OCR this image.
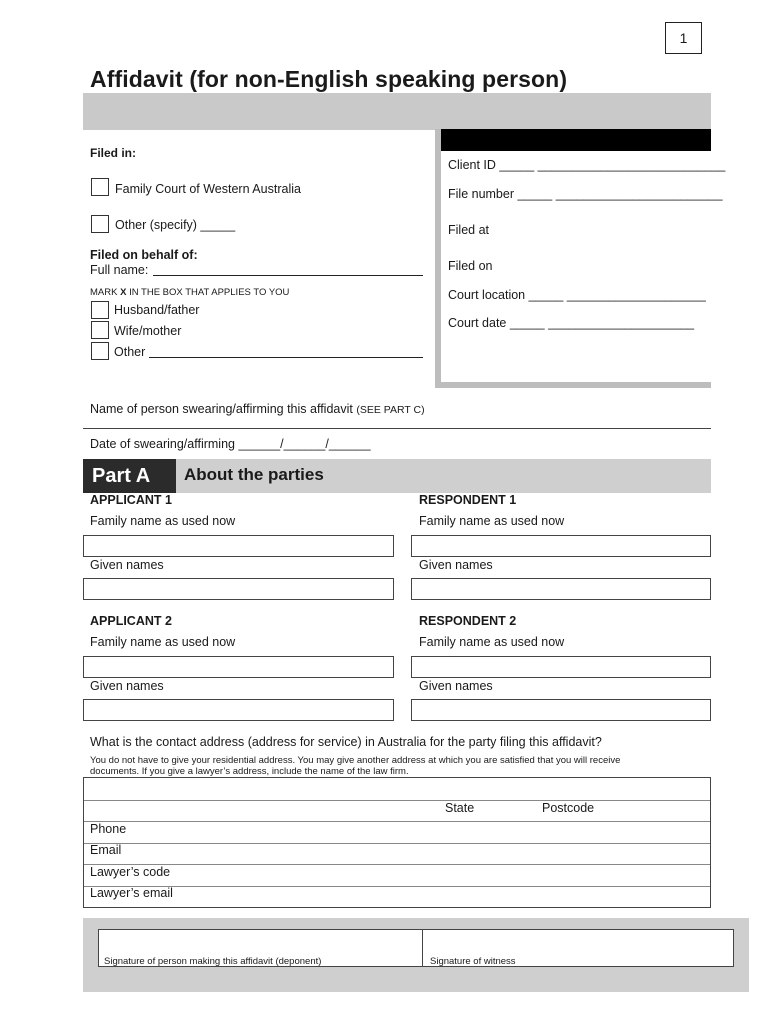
1
Affidavit (for non-English speaking person)
Filed in:
Family Court of Western Australia
Other (specify) _____
Filed on behalf of:
Full name:
MARK X IN THE BOX THAT APPLIES TO YOU
Husband/father
Wife/mother
Other
Client ID _____ ___________________________
File number _____ ________________________
Filed at
Filed on
Court location _____ ____________________
Court date _____ _____________________
Name of person swearing/affirming this affidavit (SEE PART C)
Date of swearing/affirming ______/______/______
Part A	About the parties
APPLICANT 1	RESPONDENT 1
Family name as used now	Family name as used now
Given names	Given names
APPLICANT 2	RESPONDENT 2
Family name as used now	Family name as used now
Given names	Given names
What is the contact address (address for service) in Australia for the party filing this affidavit?
You do not have to give your residential address. You may give another address at which you are satisfied that you will receive
documents. If you give a lawyer’s address, include the name of the law firm.
State	Postcode
Phone
Email
Lawyer’s code
Lawyer’s email
Signature of person making this affidavit (deponent)	Signature of witness
